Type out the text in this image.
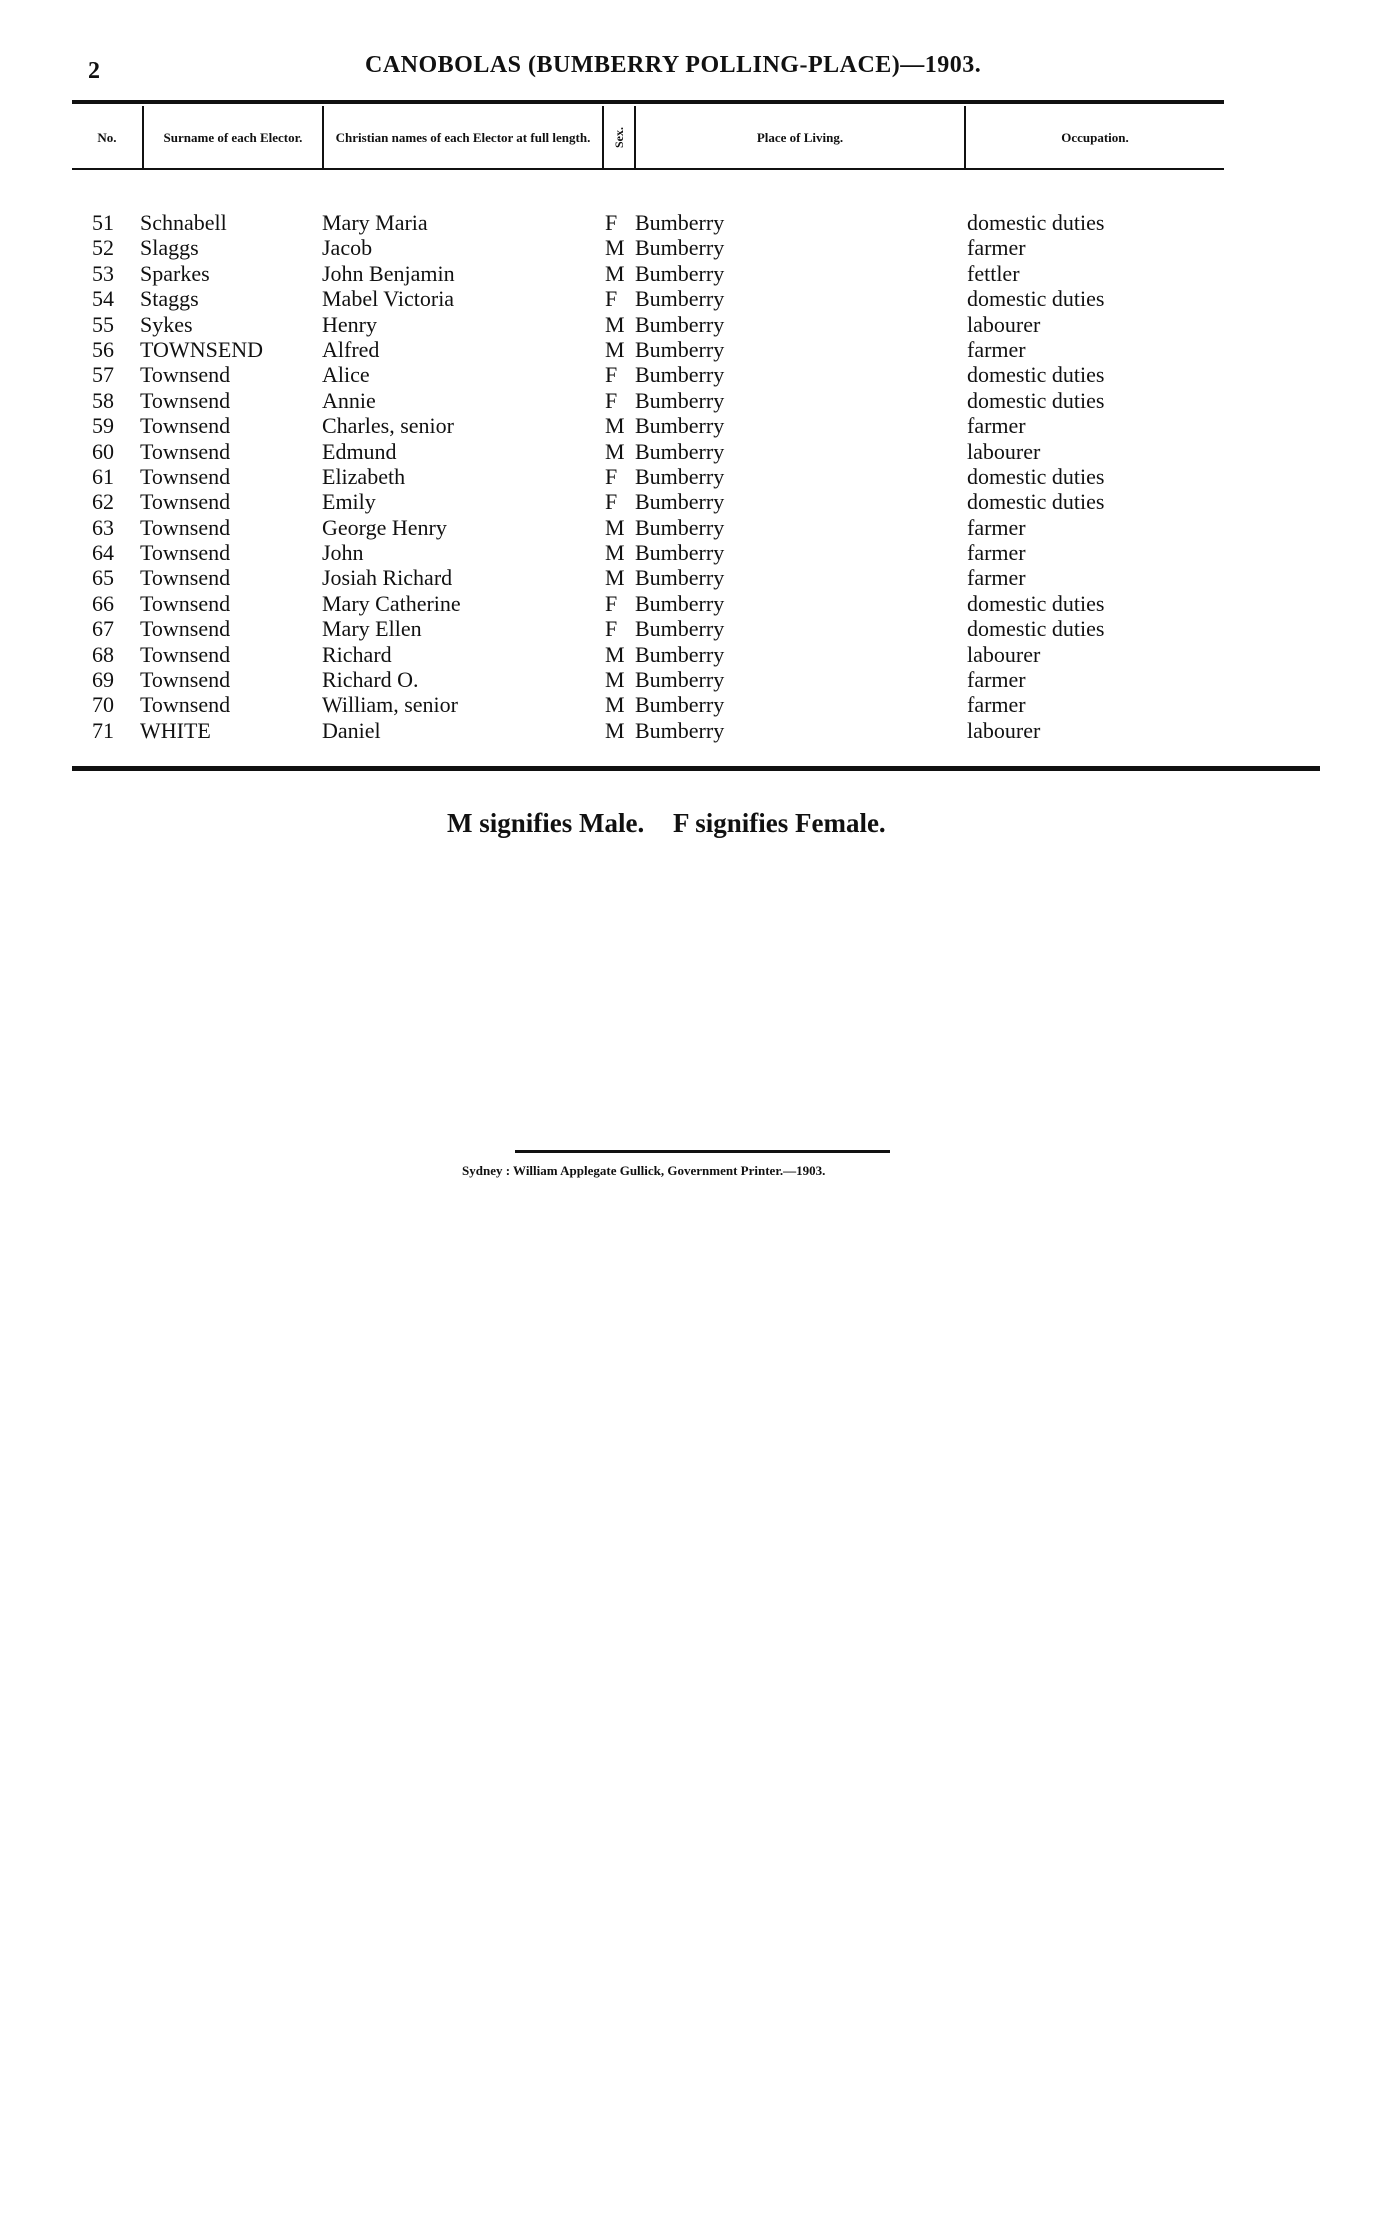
2	CANOBOLAS (BUMBERRY POLLING-PLACE)—1903.
No.	Surname of each Elector.	Christian names of each Elector at full length.	Sex.	Place of Living.	Occupation.
51 Schnabell	Mary Maria	F Bumberry	domestic duties
52 Slaggs	Jacob	M Bumberry	farmer
53 Sparkes	John Benjamin	M Bumberry	fettler
54 Staggs	Mabel Victoria	F Bumberry	domestic duties
55 Sykes	Henry	M Bumberry	labourer
56 TOWNSEND	Alfred	M Bumberry	farmer
57 Townsend	Alice	F Bumberry	domestic duties
58 Townsend	Annie	F Bumberry	domestic duties
59 Townsend	Charles, senior	M Bumberry	farmer
60 Townsend	Edmund	M Bumberry	labourer
61 Townsend	Elizabeth	F Bumberry	domestic duties
62 Townsend	Emily	F Bumberry	domestic duties
63 Townsend	George Henry	M Bumberry	farmer
64 Townsend	John	M Bumberry	farmer
65 Townsend	Josiah Richard	M Bumberry	farmer
66 Townsend	Mary Catherine	F Bumberry	domestic duties
67 Townsend	Mary Ellen	F Bumberry	domestic duties
68 Townsend	Richard	M Bumberry	labourer
69 Townsend	Richard O.	M Bumberry	farmer
70 Townsend	William, senior	M Bumberry	farmer
71 WHITE	Daniel	M Bumberry	labourer
M signifies Male. F signifies Female.
Sydney : William Applegate Gullick, Government Printer.—1903.
